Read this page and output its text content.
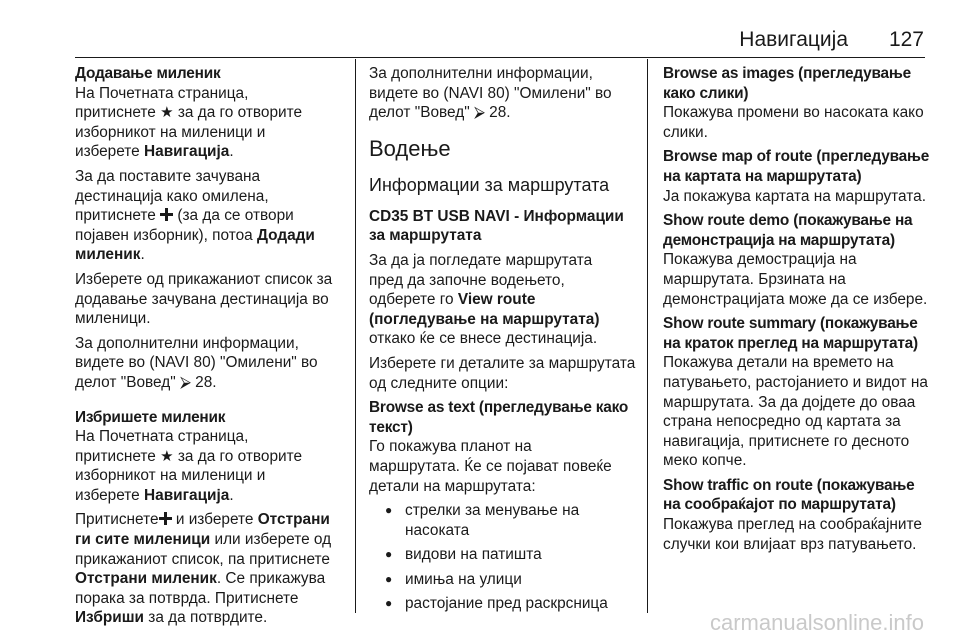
Навигација 127
Додавање миленик

На Почетната страница,
притиснете ★ за да го отворите
изборникот на миленици и
изберете Навигација.

За да поставите зачувана
дестинација како омилена,
притиснете  (за да се отвори
појавен изборник), потоа Додади
миленик.

Изберете од прикажаниот список за додавање зачувана дестинација во миленици.

За дополнителни информации,
видете во (NAVI 80) "Омилени" во
делот "Вовед" ⮚ 28.

Избришете миленик

На Почетната страница,
притиснете ★ за да го отворите
изборникот на миленици и
изберете Навигација.

Притиснете и изберете Отстрани
ги сите миленици или изберете од
прикажаниот список, па притиснете
Отстрани миленик. Се прикажува
порака за потврда. Притиснете
Избриши за да потврдите.

За дополнителни информации,
видете во (NAVI 80) "Омилени" во
делот "Вовед" ⮚ 28.

Водење
Информации за маршрутата

CD35 BT USB NAVI - Информации за маршрутата

За да ја погледате маршрутата
пред да започне водењето,
одберете го View route
(погледување на маршрутата)
откако ќе се внесе дестинација.

Изберете ги деталите за маршрутата од следните опции:

Browse as text (прегледување како текст)

Го покажува планот на
маршрутата. Ќе се појават повеќе
детали на маршрутата:

● стрелки за менување на насоката
● видови на патишта
● имиња на улици
● растојание пред раскрсница
Browse as images (прегледување како слики)

Покажува промени во насоката како слики.

Browse map of route (прегледување на картата на маршрутата)

Ја покажува картата на маршрутата.

Show route demo (покажување на демонстрација на маршрутата)

Покажува демострација на маршрутата. Брзината на демонстрацијата може да се избере.

Show route summary (покажување на краток преглед на маршрутата)

Покажува детали на времето на патувањето, растојанието и видот на маршрутата. За да дојдете до оваа страна непосредно од картата за навигација, притиснете го десното меко копче.

Show traffic on route (покажување на сообраќајот по маршрутата)

Покажува преглед на сообраќајните случки кои влијаат врз патувањето.

carmanualsonline.info
